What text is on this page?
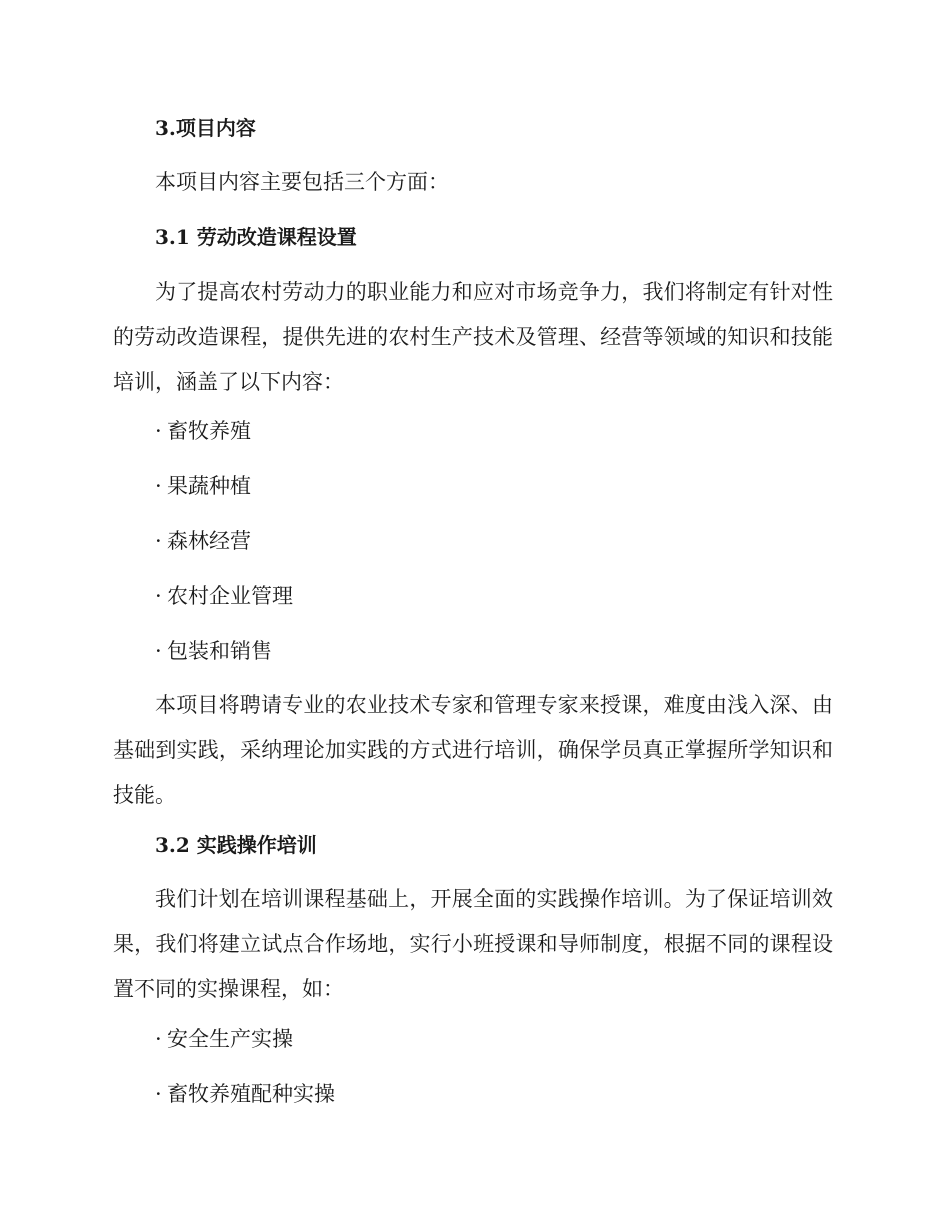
3.项目内容

本项目内容主要包括三个方面：

3.1 劳动改造课程设置

为了提高农村劳动力的职业能力和应对市场竞争力，我们将制定有针对性的劳动改造课程，提供先进的农村生产技术及管理、经营等领域的知识和技能培训，涵盖了以下内容：

· 畜牧养殖

· 果蔬种植

· 森林经营

· 农村企业管理

· 包装和销售

本项目将聘请专业的农业技术专家和管理专家来授课，难度由浅入深、由基础到实践，采纳理论加实践的方式进行培训，确保学员真正掌握所学知识和技能。

3.2 实践操作培训

我们计划在培训课程基础上，开展全面的实践操作培训。为了保证培训效果，我们将建立试点合作场地，实行小班授课和导师制度，根据不同的课程设置不同的实操课程，如：

· 安全生产实操

· 畜牧养殖配种实操
